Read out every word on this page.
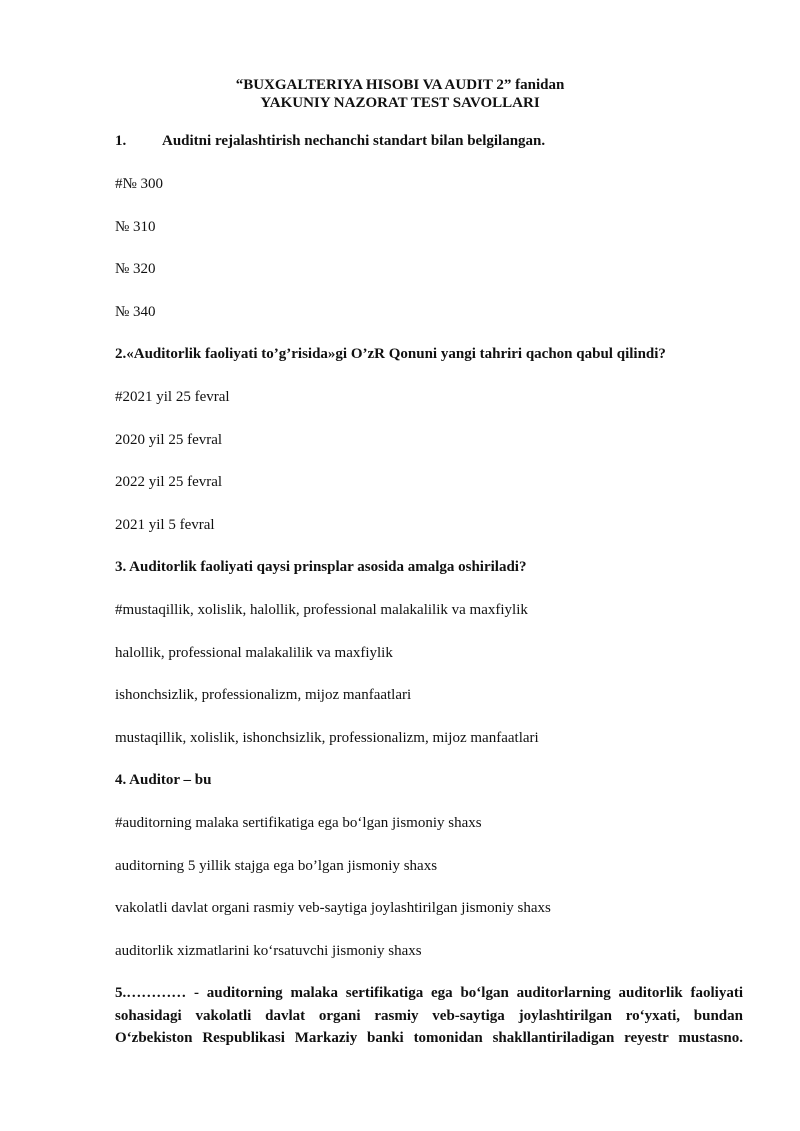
“BUXGALTERIYA HISOBI VA AUDIT 2” fanidan
YAKUNIY NAZORAT TEST SAVOLLARI
1. Auditni rejalashtirish nechanchi standart bilan belgilangan.
#№ 300
№ 310
№ 320
№ 340
2.«Auditorlik faoliyati to’g’risida»gi O’zR Qonuni yangi tahriri qachon qabul qilindi?
#2021 yil 25 fevral
2020 yil 25 fevral
2022 yil 25 fevral
2021 yil 5 fevral
3. Auditorlik faoliyati qaysi prinsplar asosida amalga oshiriladi?
#mustaqillik, xolislik, halollik, professional malakalilik va maxfiylik
halollik, professional malakalilik va maxfiylik
ishonchsizlik, professionalizm, mijoz manfaatlari
mustaqillik, xolislik, ishonchsizlik, professionalizm, mijoz manfaatlari
4. Auditor – bu
#auditorning malaka sertifikatiga ega bo‘lgan jismoniy shaxs
auditorning 5 yillik stajga ega bo’lgan jismoniy shaxs
vakolatli davlat organi rasmiy veb-saytiga joylashtirilgan jismoniy shaxs
auditorlik xizmatlarini ko‘rsatuvchi jismoniy shaxs
5.………… - auditorning malaka sertifikatiga ega bo‘lgan auditorlarning auditorlik faoliyati
sohasidagi vakolatli davlat organi rasmiy veb-saytiga joylashtirilgan ro‘yxati, bundan
O‘zbekiston Respublikasi Markaziy banki tomonidan shakllantiriladigan reyestr mustasno.
